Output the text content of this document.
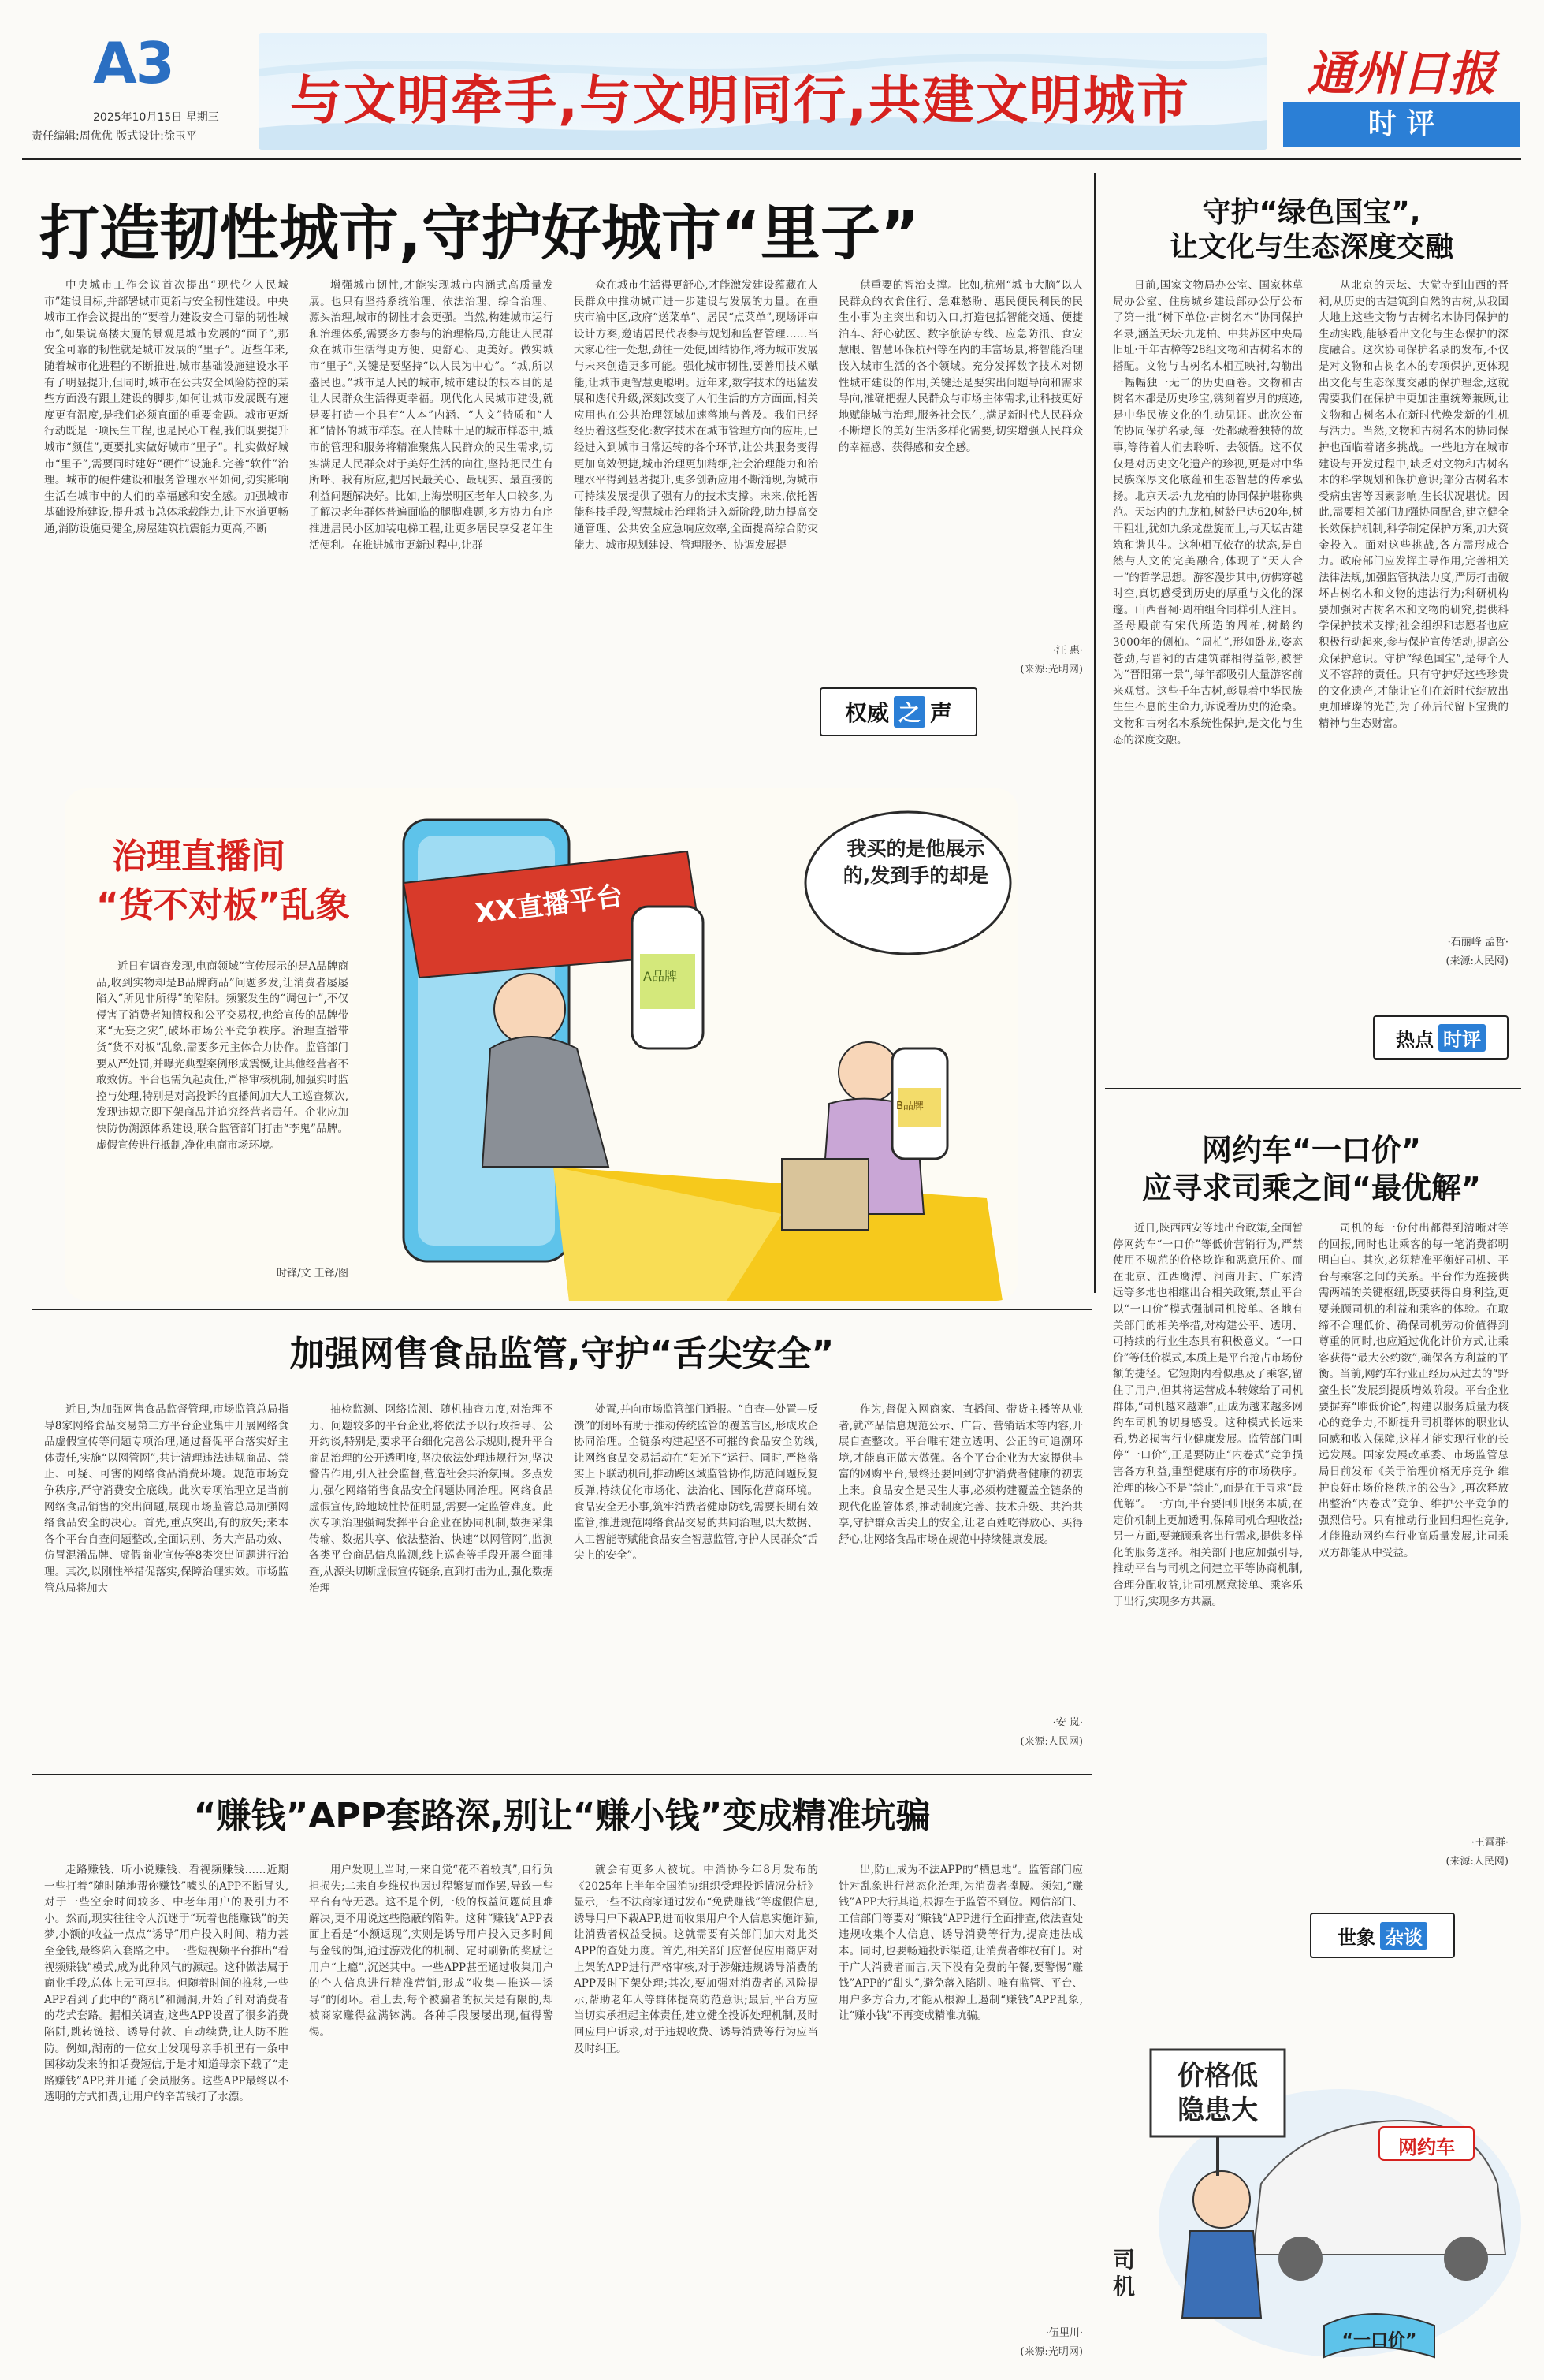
A3
2025年10月15日 星期三
责任编辑:周优优 版式设计:徐玉平
与文明牵手,与文明同行,共建文明城市	通州日报
时 评
打造韧性城市,守护好城市“里子”

中央城市工作会议首次提出“现代化人民城市”建设目标,并部署城市更新与安全韧性建设。中央城市工作会议提出的“要着力建设安全可靠的韧性城市”,如果说高楼大厦的景观是城市发展的“面子”,那安全可靠的韧性就是城市发展的“里子”。近些年来,随着城市化进程的不断推进,城市基础设施建设水平有了明显提升,但同时,城市在公共安全风险防控的某些方面没有跟上建设的脚步,如何让城市发展既有速度更有温度,是我们必须直面的重要命题。城市更新行动既是一项民生工程,也是民心工程,我们既要提升城市“颜值”,更要扎实做好城市“里子”。扎实做好城市“里子”,需要同时建好“硬件”设施和完善“软件”治理。城市的硬件建设和服务管理水平如何,切实影响生活在城市中的人们的幸福感和安全感。加强城市基础设施建设,提升城市总体承载能力,让下水道更畅通,消防设施更健全,房屋建筑抗震能力更高,不断

增强城市韧性,才能实现城市内涵式高质量发展。也只有坚持系统治理、依法治理、综合治理、源头治理,城市的韧性才会更强。当然,构建城市运行和治理体系,需要多方参与的治理格局,方能让人民群众在城市生活得更方便、更舒心、更美好。做实城市“里子”,关键是要坚持“以人民为中心”。“城,所以盛民也。”城市是人民的城市,城市建设的根本目的是让人民群众生活得更幸福。现代化人民城市建设,就是要打造一个具有“人本”内涵、“人文”特质和“人和”情怀的城市样态。在人情味十足的城市样态中,城市的管理和服务将精准聚焦人民群众的民生需求,切实满足人民群众对于美好生活的向往,坚持把民生有所呼、我有所应,把居民最关心、最现实、最直接的利益问题解决好。比如,上海崇明区老年人口较多,为了解决老年群体普遍面临的腿脚难题,多方协力有序推进居民小区加装电梯工程,让更多居民享受老年生活便利。在推进城市更新过程中,让群

众在城市生活得更舒心,才能激发建设蕴藏在人民群众中推动城市进一步建设与发展的力量。在重庆市渝中区,政府“送菜单”、居民“点菜单”,现场评审设计方案,邀请居民代表参与规划和监督管理……当大家心往一处想,劲往一处使,团结协作,将为城市发展与未来创造更多可能。强化城市韧性,要善用技术赋能,让城市更智慧更聪明。近年来,数字技术的迅猛发展和迭代升级,深刻改变了人们生活的方方面面,相关应用也在公共治理领域加速落地与普及。我们已经经历着这些变化:数字技术在城市管理方面的应用,已经进入到城市日常运转的各个环节,让公共服务变得更加高效便捷,城市治理更加精细,社会治理能力和治理水平得到显著提升,更多创新应用不断涌现,为城市可持续发展提供了强有力的技术支撑。未来,依托智能科技手段,智慧城市治理将进入新阶段,助力提高交通管理、公共安全应急响应效率,全面提高综合防灾能力、城市规划建设、管理服务、协调发展提

供重要的智治支撑。比如,杭州“城市大脑”以人民群众的衣食住行、急难愁盼、惠民便民利民的民生小事为主突出和切入口,打造包括智能交通、便捷泊车、舒心就医、数字旅游专线、应急防汛、食安慧眼、智慧环保杭州等在内的丰富场景,将智能治理嵌入城市生活的各个领域。充分发挥数字技术对韧性城市建设的作用,关键还是要实出问题导向和需求导向,准确把握人民群众与市场主体需求,让科技更好地赋能城市治理,服务社会民生,满足新时代人民群众不断增长的美好生活多样化需要,切实增强人民群众的幸福感、获得感和安全感。

·汪 惠·
(来源:光明网)
权威 之 声
守护“绿色国宝”,
让文化与生态深度交融

日前,国家文物局办公室、国家林草局办公室、住房城乡建设部办公厅公布了第一批“树下单位·古树名木”协同保护名录,涵盖天坛·九龙柏、中共苏区中央局旧址·千年古樟等28组文物和古树名木的搭配。文物与古树名木相互映衬,勾勒出一幅幅独一无二的历史画卷。文物和古树名木都是历史珍宝,镌刻着岁月的痕迹,是中华民族文化的生动见证。此次公布的协同保护名录,每一处都藏着独特的故事,等待着人们去聆听、去领悟。这不仅仅是对历史文化遗产的珍视,更是对中华民族深厚文化底蕴和生态智慧的传承弘扬。北京天坛·九龙柏的协同保护堪称典范。天坛内的九龙柏,树龄已达620年,树干粗壮,犹如九条龙盘旋而上,与天坛古建筑和谐共生。这种相互依存的状态,是自然与人文的完美融合,体现了“天人合一”的哲学思想。游客漫步其中,仿佛穿越时空,真切感受到历史的厚重与文化的深邃。山西晋祠·周柏组合同样引人注目。圣母殿前有宋代所造的周柏,树龄约3000年的侧柏。“周柏”,形如卧龙,姿态苍劲,与晋祠的古建筑群相得益彰,被誉为“晋阳第一景”,每年都吸引大量游客前来观赏。这些千年古树,彰显着中华民族生生不息的生命力,诉说着历史的沧桑。文物和古树名木系统性保护,是文化与生态的深度交融。

从北京的天坛、大觉寺到山西的晋祠,从历史的古建筑到自然的古树,从我国大地上这些文物与古树名木协同保护的生动实践,能够看出文化与生态保护的深度融合。这次协同保护名录的发布,不仅是对文物和古树名木的专项保护,更体现出文化与生态深度交融的保护理念,这就需要我们在保护中更加注重统筹兼顾,让文物和古树名木在新时代焕发新的生机与活力。当然,文物和古树名木的协同保护也面临着诸多挑战。一些地方在城市建设与开发过程中,缺乏对文物和古树名木的科学规划和保护意识;部分古树名木受病虫害等因素影响,生长状况堪忧。因此,需要相关部门加强协同配合,建立健全长效保护机制,科学制定保护方案,加大资金投入。面对这些挑战,各方需形成合力。政府部门应发挥主导作用,完善相关法律法规,加强监管执法力度,严厉打击破坏古树名木和文物的违法行为;科研机构要加强对古树名木和文物的研究,提供科学保护技术支撑;社会组织和志愿者也应积极行动起来,参与保护宣传活动,提高公众保护意识。守护“绿色国宝”,是每个人义不容辞的责任。只有守护好这些珍贵的文化遗产,才能让它们在新时代绽放出更加璀璨的光芒,为子孙后代留下宝贵的精神与生态财富。

·石丽峰 孟哲·
(来源:人民网)
热点 时评
治理直播间
“货不对板”乱象

近日有调查发现,电商领域“宣传展示的是A品牌商品,收到实物却是B品牌商品”问题多发,让消费者屡屡陷入“所见非所得”的陷阱。频繁发生的“调包计”,不仅侵害了消费者知情权和公平交易权,也给宣传的品牌带来“无妄之灾”,破坏市场公平竞争秩序。治理直播带货“货不对板”乱象,需要多元主体合力协作。监管部门要从严处罚,并曝光典型案例形成震慑,让其他经营者不敢效仿。平台也需负起责任,严格审核机制,加强实时监控与处理,特别是对高投诉的直播间加大人工巡查频次,发现违规立即下架商品并追究经营者责任。企业应加快防伪溯源体系建设,联合监管部门打击“李鬼”品牌。虚假宣传进行抵制,净化电商市场环境。

时锋/文 王铎/图
XX直播平台
A品牌
B品牌
我买的是他展示的,发到手的却是
网约车“一口价”
应寻求司乘之间“最优解”

近日,陕西西安等地出台政策,全面暂停网约车“一口价”等低价营销行为,严禁使用不规范的价格欺诈和恶意压价。而在北京、江西鹰潭、河南开封、广东清远等多地也相继出台相关政策,禁止平台以“一口价”模式强制司机接单。各地有关部门的相关举措,对构建公平、透明、可持续的行业生态具有积极意义。“一口价”等低价模式,本质上是平台抢占市场份额的捷径。它短期内看似惠及了乘客,留住了用户,但其将运营成本转嫁给了司机群体,“司机越来越难”,正成为越来越多网约车司机的切身感受。这种模式长远来看,势必损害行业健康发展。监管部门叫停“一口价”,正是要防止“内卷式”竞争损害各方利益,重塑健康有序的市场秩序。治理的核心不是“禁止”,而是在于寻求“最优解”。一方面,平台要回归服务本质,在定价机制上更加透明,保障司机合理收益;另一方面,要兼顾乘客出行需求,提供多样化的服务选择。相关部门也应加强引导,推动平台与司机之间建立平等协商机制,合理分配收益,让司机愿意接单、乘客乐于出行,实现多方共赢。

司机的每一份付出都得到清晰对等的回报,同时也让乘客的每一笔消费都明明白白。其次,必须精准平衡好司机、平台与乘客之间的关系。平台作为连接供需两端的关键枢纽,既要获得自身利益,更要兼顾司机的利益和乘客的体验。在取缔不合理低价、确保司机劳动价值得到尊重的同时,也应通过优化计价方式,让乘客获得“最大公约数”,确保各方利益的平衡。当前,网约车行业正经历从过去的“野蛮生长”发展到提质增效阶段。平台企业要摒弃“唯低价论”,构建以服务质量为核心的竞争力,不断提升司机群体的职业认同感和收入保障,这样才能实现行业的长远发展。国家发展改革委、市场监管总局日前发布《关于治理价格无序竞争 维护良好市场价格秩序的公告》,再次释放出整治“内卷式”竞争、维护公平竞争的强烈信号。只有推动行业回归理性竞争,才能推动网约车行业高质量发展,让司乘双方都能从中受益。

·王霄群·
(来源:人民网)
世象 杂谈
价格低
隐患大
司机
网约车
“一口价”
加强网售食品监管,守护“舌尖安全”

近日,为加强网售食品监督管理,市场监管总局指导8家网络食品交易第三方平台企业集中开展网络食品虚假宣传等问题专项治理,通过督促平台落实好主体责任,实施“以网管网”,共计清理违法违规商品、禁止、可疑、可害的网络食品消费环境。规范市场竞争秩序,严守消费安全底线。此次专项治理立足当前网络食品销售的突出问题,展现市场监管总局加强网络食品安全的决心。首先,重点突出,有的放矢;来本各个平台自查问题整改,全面识别、务大产品功效、仿冒混淆品牌、虚假商业宣传等8类突出问题进行治理。其次,以刚性举措促落实,保障治理实效。市场监管总局将加大

抽检监测、网络监测、随机抽查力度,对治理不力、问题较多的平台企业,将依法予以行政指导、公开约谈,特别是,要求平台细化完善公示规则,提升平台商品治理的公开透明度,坚决依法处理违规行为,坚决警告作用,引入社会监督,营造社会共治氛围。多点发力,强化网络销售食品安全问题协同治理。网络食品虚假宣传,跨地域性特征明显,需要一定监管难度。此次专项治理强调发挥平台企业在协同机制,数据采集传输、数据共享、依法整治、快速“以网管网”,监测各类平台商品信息监测,线上巡查等手段开展全面排查,从源头切断虚假宣传链条,直到打击为止,强化数据治理

处置,并向市场监管部门通报。“自查—处置—反馈”的闭环有助于推动传统监管的覆盖盲区,形成政企协同治理。全链条构建起坚不可摧的食品安全防线,让网络食品交易活动在“阳光下”运行。同时,严格落实上下联动机制,推动跨区域监管协作,防范问题反复反弹,持续优化市场化、法治化、国际化营商环境。食品安全无小事,筑牢消费者健康防线,需要长期有效监管,推进规范网络食品交易的共同治理,以大数据、人工智能等赋能食品安全智慧监管,守护人民群众“舌尖上的安全”。

作为,督促入网商家、直播间、带货主播等从业者,就产品信息规范公示、广告、营销话术等内容,开展自查整改。平台唯有建立透明、公正的可追溯环境,才能真正做大做强。各个平台企业为大家提供丰富的网购平台,最终还要回到守护消费者健康的初衷上来。食品安全是民生大事,必须构建覆盖全链条的现代化监管体系,推动制度完善、技术升级、共治共享,守护群众舌尖上的安全,让老百姓吃得放心、买得舒心,让网络食品市场在规范中持续健康发展。

·安 岚·
(来源:人民网)
“赚钱”APP套路深,别让“赚小钱”变成精准坑骗

走路赚钱、听小说赚钱、看视频赚钱……近期一些打着“随时随地帮你赚钱”噱头的APP不断冒头,对于一些空余时间较多、中老年用户的吸引力不小。然而,现实往往令人沉迷于“玩着也能赚钱”的美梦,小额的收益一点点“诱导”用户投入时间、精力甚至金钱,最终陷入套路之中。一些短视频平台推出“看视频赚钱”模式,成为此种风气的源起。这种做法属于商业手段,总体上无可厚非。但随着时间的推移,一些APP看到了此中的“商机”和漏洞,开始了针对消费者的花式套路。据相关调查,这些APP设置了很多消费陷阱,跳转链接、诱导付款、自动续费,让人防不胜防。例如,湖南的一位女士发现母亲手机里有一条中国移动发来的扣话费短信,于是才知道母亲下载了“走路赚钱”APP,并开通了会员服务。这些APP最终以不透明的方式扣费,让用户的辛苦钱打了水漂。

用户发现上当时,一来自觉“花不着较真”,自行负担损失;二来自身维权也因过程繁复而作罢,导致一些平台有恃无恐。这不是个例,一般的权益问题尚且难解决,更不用说这些隐蔽的陷阱。这种“赚钱”APP表面上看是“小额返现”,实则是诱导用户投入更多时间与金钱的饵,通过游戏化的机制、定时刷新的奖励让用户“上瘾”,沉迷其中。一些APP甚至通过收集用户的个人信息进行精准营销,形成“收集—推送—诱导”的闭环。看上去,每个被骗者的损失是有限的,却被商家赚得盆满钵满。各种手段屡屡出现,值得警惕。

就会有更多人被坑。中消协今年8月发布的《2025年上半年全国消协组织受理投诉情况分析》显示,一些不法商家通过发布“免费赚钱”等虚假信息,诱导用户下载APP,进而收集用户个人信息实施诈骗,让消费者权益受损。这就需要有关部门加大对此类APP的查处力度。首先,相关部门应督促应用商店对上架的APP进行严格审核,对于涉嫌违规诱导消费的APP及时下架处理;其次,要加强对消费者的风险提示,帮助老年人等群体提高防范意识;最后,平台方应当切实承担起主体责任,建立健全投诉处理机制,及时回应用户诉求,对于违规收费、诱导消费等行为应当及时纠正。

出,防止成为不法APP的“栖息地”。监管部门应针对乱象进行常态化治理,为消费者撑腰。须知,“赚钱”APP大行其道,根源在于监管不到位。网信部门、工信部门等要对“赚钱”APP进行全面排查,依法查处违规收集个人信息、诱导消费等行为,提高违法成本。同时,也要畅通投诉渠道,让消费者维权有门。对于广大消费者而言,天下没有免费的午餐,要警惕“赚钱”APP的“甜头”,避免落入陷阱。唯有监管、平台、用户多方合力,才能从根源上遏制“赚钱”APP乱象,让“赚小钱”不再变成精准坑骗。

·伍里川·
(来源:光明网)
